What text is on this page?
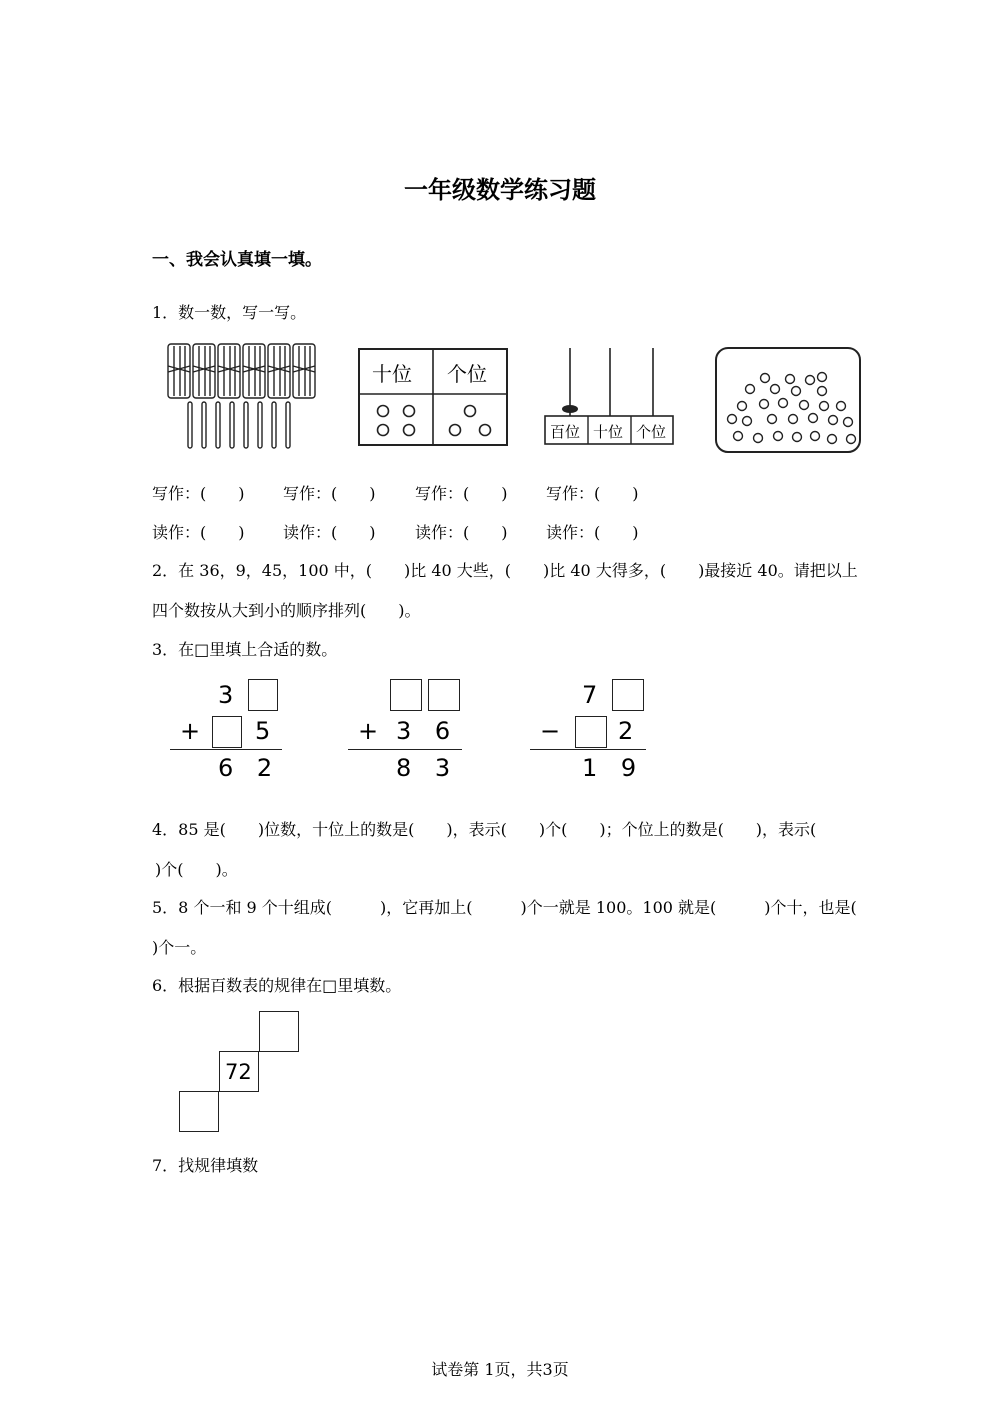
一年级数学练习题
一、我会认真填一填。
1．数一数，写一写。
十位 个位
百位 十位 个位
写作：(　　) 写作：(　　) 写作：(　　) 写作：(　　)
读作：(　　) 读作：(　　) 读作：(　　) 读作：(　　)
2．在 36，9，45，100 中，(　　)比 40 大些，(　　)比 40 大得多，(　　)最接近 40。请把以上
四个数按从大到小的顺序排列(　　)。
3．在□里填上合适的数。
3
+ 5
6 2
+ 3 6
8 3
7
− 2
1 9
4．85 是(　　)位数，十位上的数是(　　)，表示(　　)个(　　)；个位上的数是(　　)，表示(
)个(　　)。
5．8 个一和 9 个十组成(　　　)，它再加上(　　　)个一就是 100。100 就是(　　　)个十，也是(
)个一。
6．根据百数表的规律在□里填数。
72
7．找规律填数
试卷第 1页，共3页
